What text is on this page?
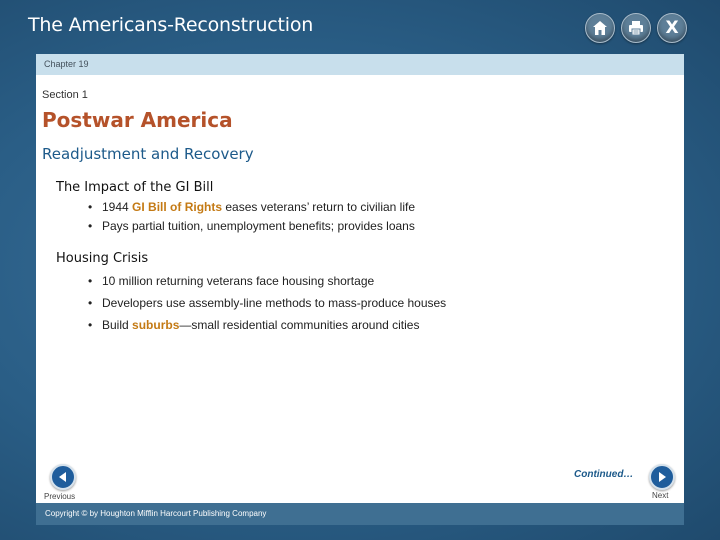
The Americans-Reconstruction	X
Chapter 19
Section 1
Postwar America
Readjustment and Recovery
The Impact of the GI Bill
• 1944 GI Bill of Rights eases veterans’ return to civilian life
• Pays partial tuition, unemployment benefits; provides loans
Housing Crisis
• 10 million returning veterans face housing shortage
• Developers use assembly-line methods to mass-produce houses
• Build suburbs—small residential communities around cities
Previous
Continued…
Next
Copyright © by Houghton Mifflin Harcourt Publishing Company
